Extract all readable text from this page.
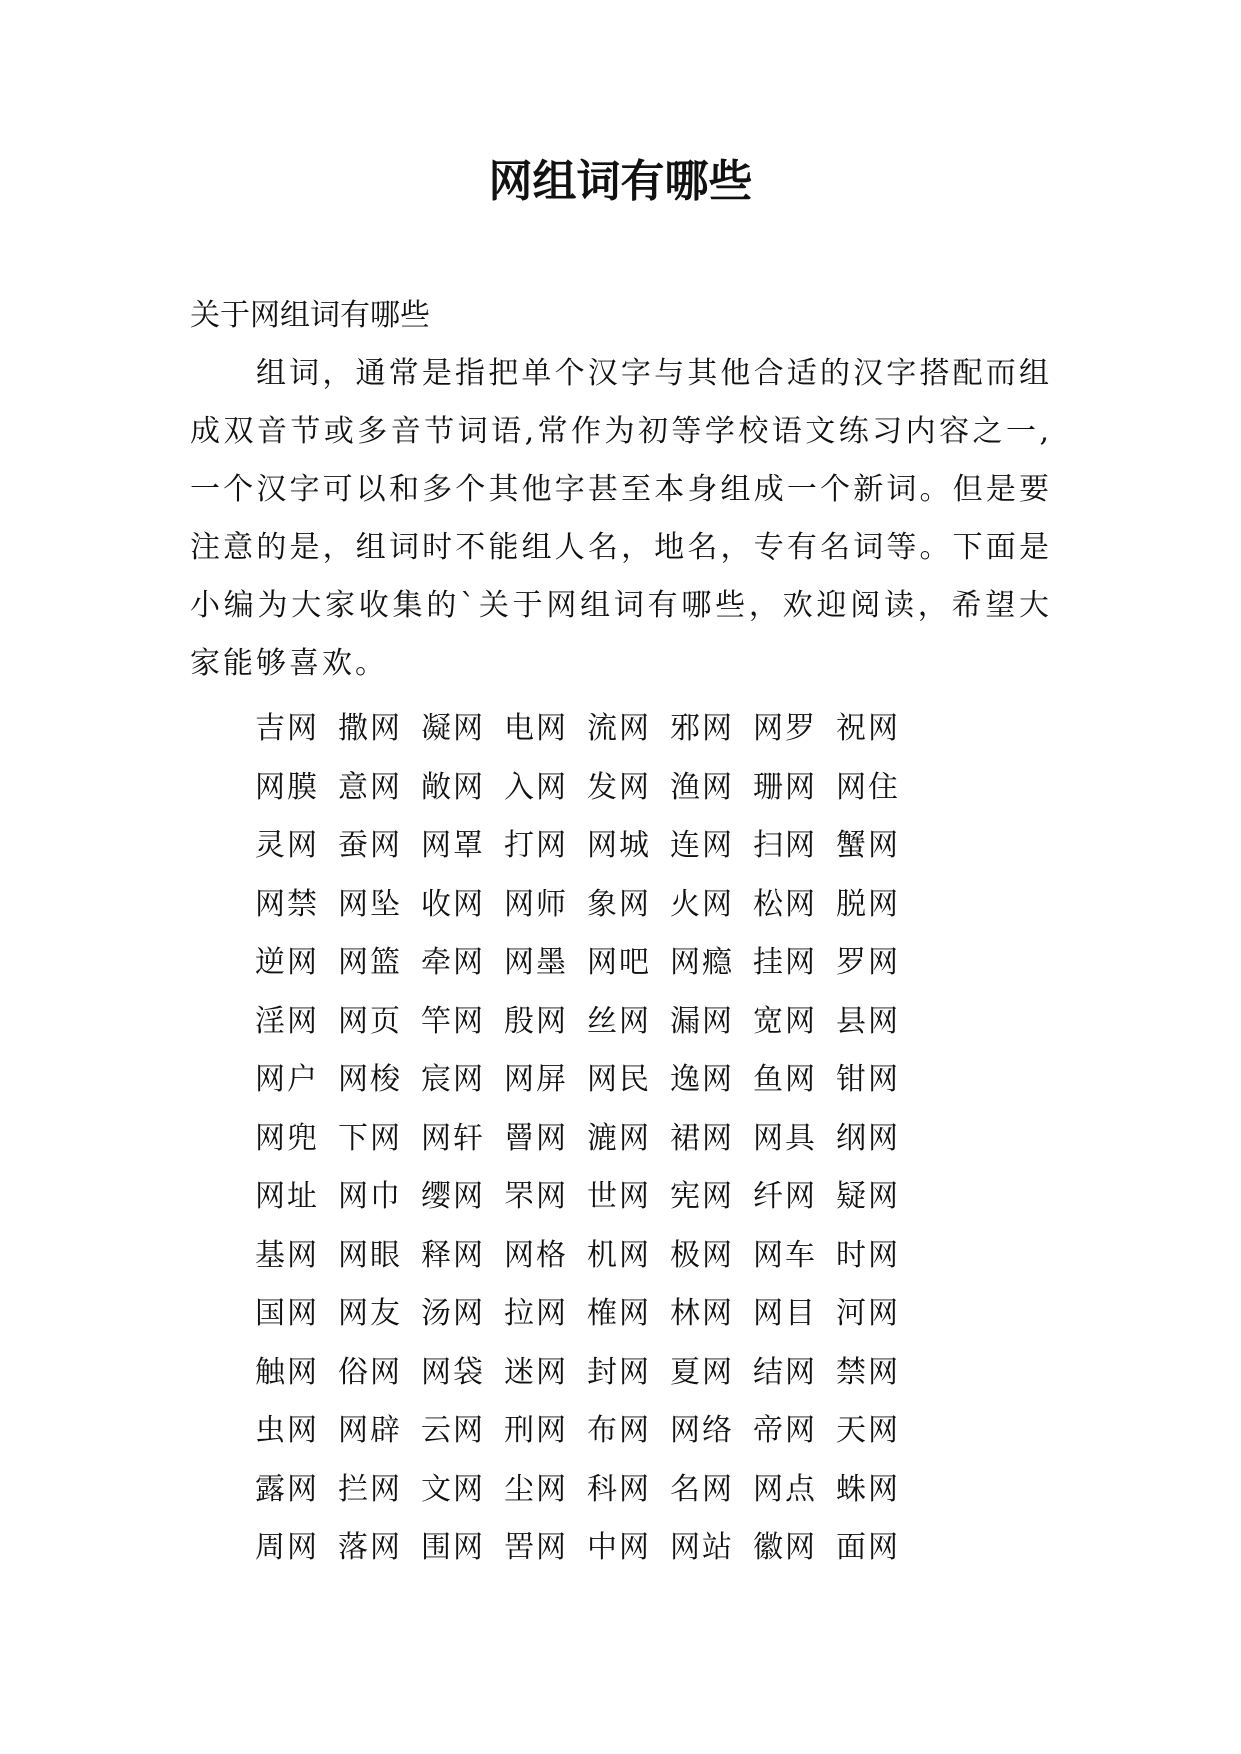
网组词有哪些

关于网组词有哪些

组词，通常是指把单个汉字与其他合适的汉字搭配而组成双音节或多音节词语,常作为初等学校语文练习内容之一,一个汉字可以和多个其他字甚至本身组成一个新词。但是要注意的是，组词时不能组人名，地名，专有名词等。下面是小编为大家收集的`关于网组词有哪些，欢迎阅读，希望大家能够喜欢。

吉网 撒网 凝网 电网 流网 邪网 网罗 祝网
网膜 意网 敞网 入网 发网 渔网 珊网 网住
灵网 蚕网 网罩 打网 网城 连网 扫网 蟹网
网禁 网坠 收网 网师 象网 火网 松网 脱网
逆网 网篮 牵网 网墨 网吧 网瘾 挂网 罗网
淫网 网页 竿网 殷网 丝网 漏网 宽网 县网
网户 网梭 宸网 网屏 网民 逸网 鱼网 钳网
网兜 下网 网轩 罾网 漉网 裙网 网具 纲网
网址 网巾 缨网 罘网 世网 宪网 纤网 疑网
基网 网眼 释网 网格 机网 极网 网车 时网
国网 网友 汤网 拉网 榷网 林网 网目 河网
触网 俗网 网袋 迷网 封网 夏网 结网 禁网
虫网 网辟 云网 刑网 布网 网络 帝网 天网
露网 拦网 文网 尘网 科网 名网 网点 蛛网
周网 落网 围网 罟网 中网 网站 徽网 面网
